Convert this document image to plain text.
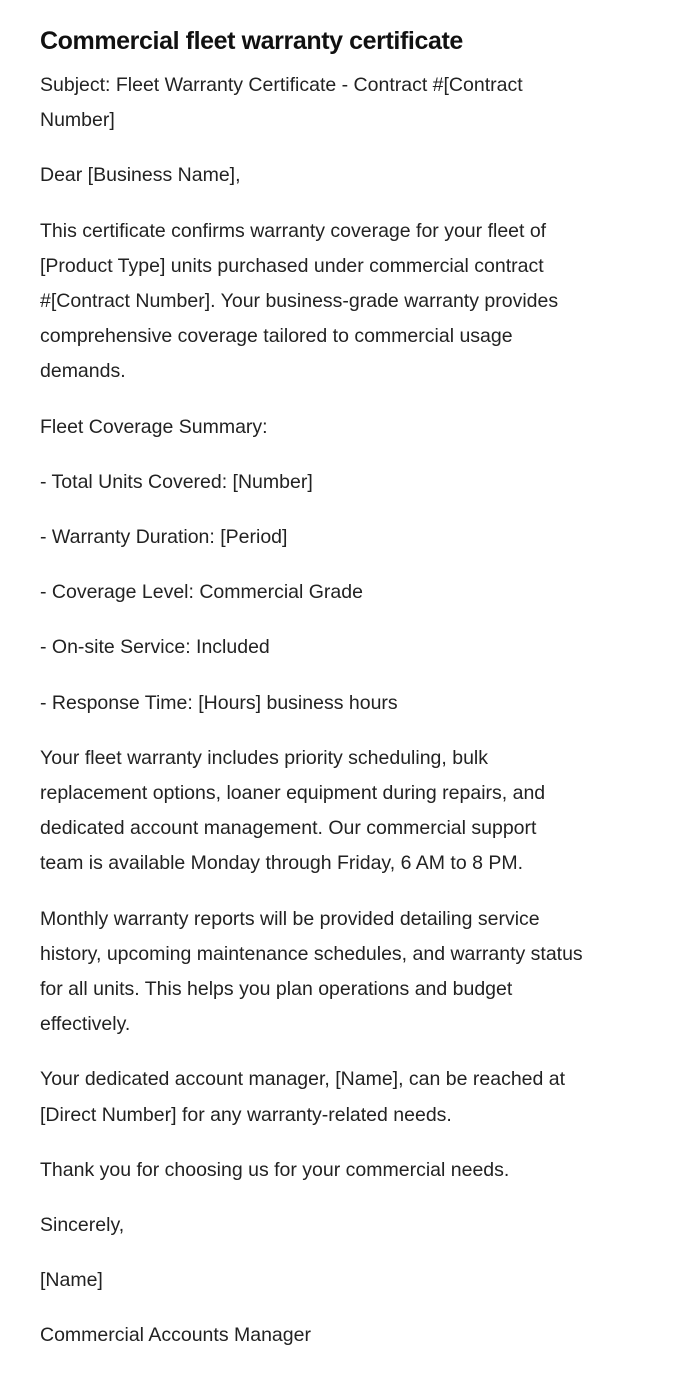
Commercial fleet warranty certificate

Subject: Fleet Warranty Certificate - Contract #[Contract
Number]

Dear [Business Name],

This certificate confirms warranty coverage for your fleet of
[Product Type] units purchased under commercial contract
#[Contract Number]. Your business-grade warranty provides
comprehensive coverage tailored to commercial usage
demands.

Fleet Coverage Summary:

- Total Units Covered: [Number]
- Warranty Duration: [Period]
- Coverage Level: Commercial Grade
- On-site Service: Included
- Response Time: [Hours] business hours

Your fleet warranty includes priority scheduling, bulk
replacement options, loaner equipment during repairs, and
dedicated account management. Our commercial support
team is available Monday through Friday, 6 AM to 8 PM.

Monthly warranty reports will be provided detailing service
history, upcoming maintenance schedules, and warranty status
for all units. This helps you plan operations and budget
effectively.

Your dedicated account manager, [Name], can be reached at
[Direct Number] for any warranty-related needs.

Thank you for choosing us for your commercial needs.

Sincerely,

[Name]

Commercial Accounts Manager
